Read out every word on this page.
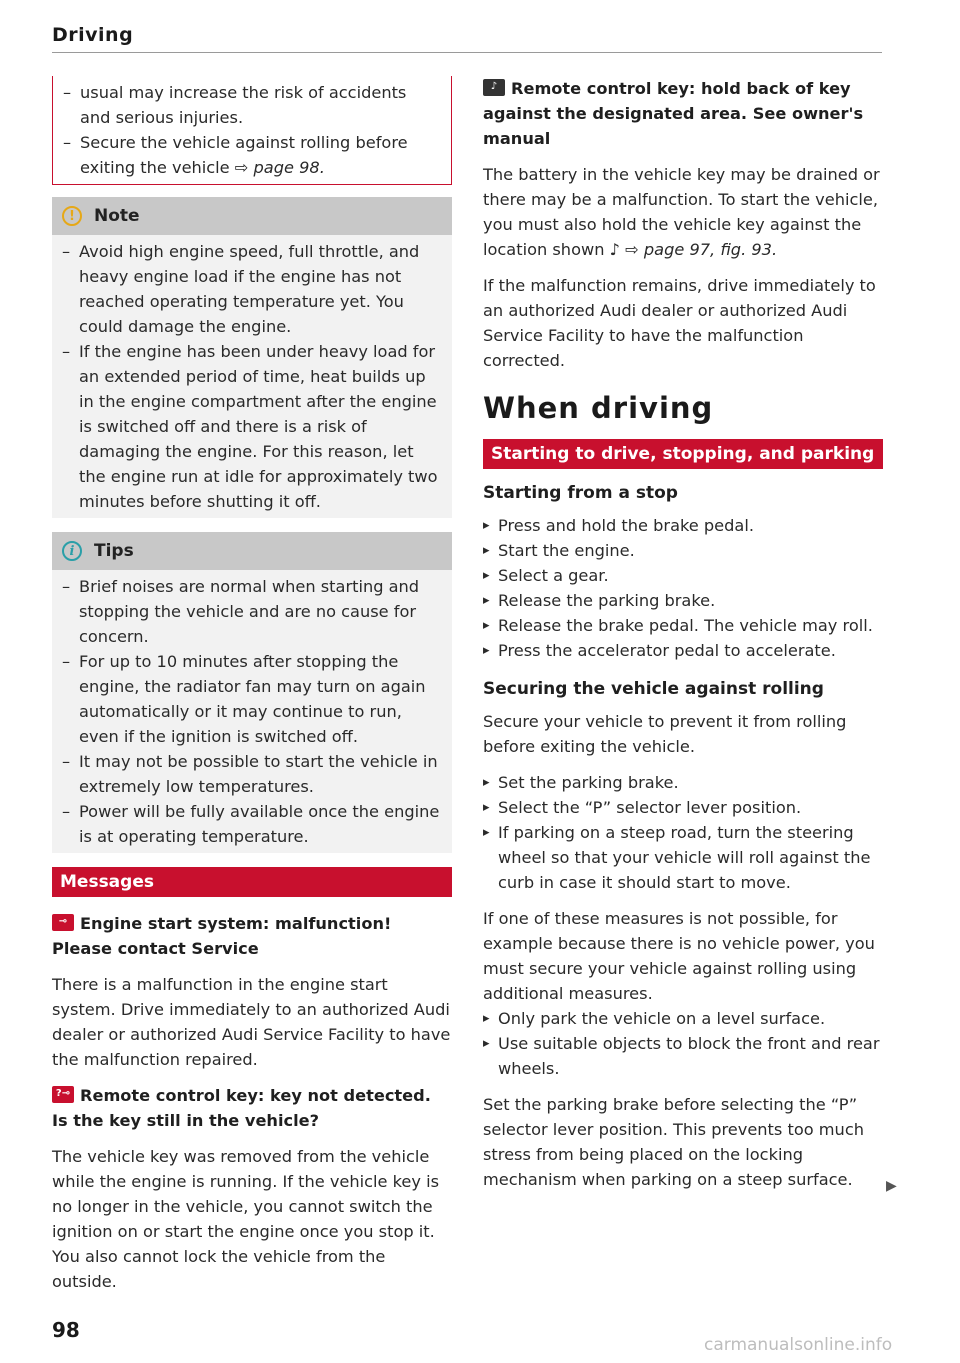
Driving
– usual may increase the risk of accidents and serious injuries.
– Secure the vehicle against rolling before exiting the vehicle ⇨ page 98.
!	Note
– Avoid high engine speed, full throttle, and heavy engine load if the engine has not reached operating temperature yet. You could damage the engine.
– If the engine has been under heavy load for an extended period of time, heat builds up in the engine compartment after the engine is switched off and there is a risk of damaging the engine. For this reason, let the engine run at idle for approximately two minutes before shutting it off.
i	Tips
– Brief noises are normal when starting and stopping the vehicle and are no cause for concern.
– For up to 10 minutes after stopping the engine, the radiator fan may turn on again automatically or it may continue to run, even if the ignition is switched off.
– It may not be possible to start the vehicle in extremely low temperatures.
– Power will be fully available once the engine is at operating temperature.
Messages

⊸ Engine start system: malfunction! Please contact Service

There is a malfunction in the engine start system. Drive immediately to an authorized Audi dealer or authorized Audi Service Facility to have the malfunction repaired.

?⊸ Remote control key: key not detected. Is the key still in the vehicle?

The vehicle key was removed from the vehicle while the engine is running. If the vehicle key is no longer in the vehicle, you cannot switch the ignition on or start the engine once you stop it. You also cannot lock the vehicle from the outside.

♪ Remote control key: hold back of key against the designated area. See owner's manual

The battery in the vehicle key may be drained or there may be a malfunction. To start the vehicle, you must also hold the vehicle key against the location shown ♪ ⇨ page 97, fig. 93.

If the malfunction remains, drive immediately to an authorized Audi dealer or authorized Audi Service Facility to have the malfunction corrected.

When driving
Starting to drive, stopping, and parking
Starting from a stop
▸ Press and hold the brake pedal.
▸ Start the engine.
▸ Select a gear.
▸ Release the parking brake.
▸ Release the brake pedal. The vehicle may roll.
▸ Press the accelerator pedal to accelerate.
Securing the vehicle against rolling

Secure your vehicle to prevent it from rolling before exiting the vehicle.

▸ Set the parking brake.
▸ Select the “P” selector lever position.
▸ If parking on a steep road, turn the steering wheel so that your vehicle will roll against the curb in case it should start to move.

If one of these measures is not possible, for example because there is no vehicle power, you must secure your vehicle against rolling using additional measures.

▸ Only park the vehicle on a level surface.
▸ Use suitable objects to block the front and rear wheels.

Set the parking brake before selecting the “P” selector lever position. This prevents too much stress from being placed on the locking mechanism when parking on a steep surface.	▶
98
carmanualsonline.info
